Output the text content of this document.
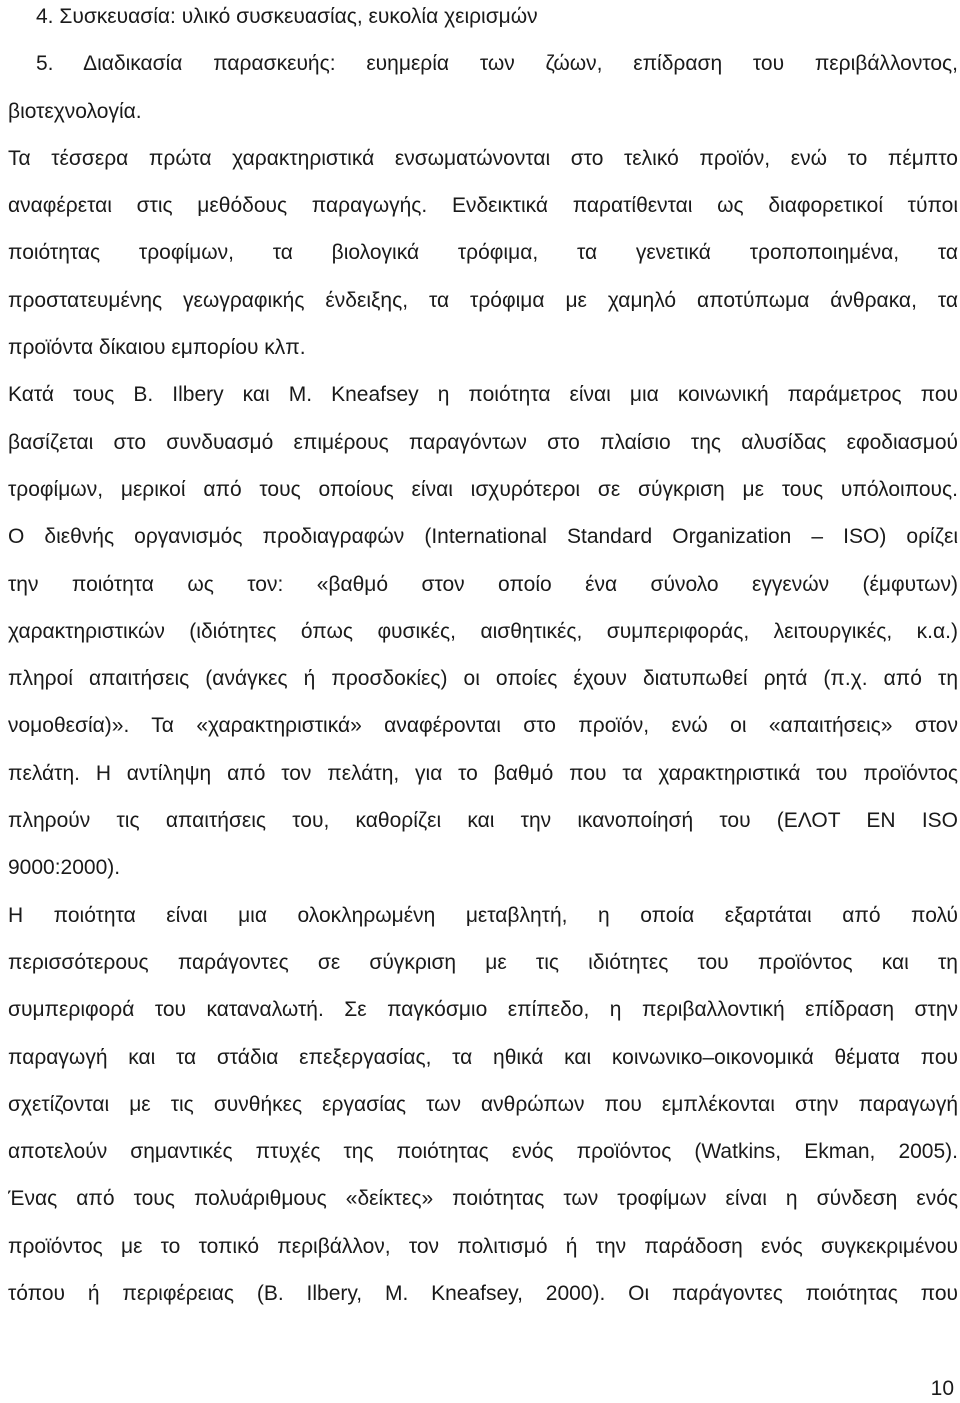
4. Συσκευασία: υλικό συσκευασίας, ευκολία χειρισμών
5. Διαδικασία παρασκευής: ευημερία των ζώων, επίδραση του περιβάλλοντος,
βιοτεχνολογία.
Τα τέσσερα πρώτα χαρακτηριστικά ενσωματώνονται στο τελικό προϊόν, ενώ το πέμπτο
αναφέρεται στις μεθόδους παραγωγής. Ενδεικτικά παρατίθενται ως διαφορετικοί τύποι
ποιότητας τροφίμων, τα βιολογικά τρόφιμα, τα γενετικά τροποποιημένα, τα
προστατευμένης γεωγραφικής ένδειξης, τα τρόφιμα με χαμηλό αποτύπωμα άνθρακα, τα
προϊόντα δίκαιου εμπορίου κλπ.
Κατά τους B. Ilbery και M. Kneafsey η ποιότητα είναι μια κοινωνική παράμετρος που
βασίζεται στο συνδυασμό επιμέρους παραγόντων στο πλαίσιο της αλυσίδας εφοδιασμού
τροφίμων, μερικοί από τους οποίους είναι ισχυρότεροι σε σύγκριση με τους υπόλοιπους.
Ο διεθνής οργανισμός προδιαγραφών (International Standard Organization – ISO) ορίζει
την ποιότητα ως τον: «βαθμό στον οποίο ένα σύνολο εγγενών (έμφυτων)
χαρακτηριστικών (ιδιότητες όπως φυσικές, αισθητικές, συμπεριφοράς, λειτουργικές, κ.α.)
πληροί απαιτήσεις (ανάγκες ή προσδοκίες) οι οποίες έχουν διατυπωθεί ρητά (π.χ. από τη
νομοθεσία)». Τα «χαρακτηριστικά» αναφέρονται στο προϊόν, ενώ οι «απαιτήσεις» στον
πελάτη. Η αντίληψη από τον πελάτη, για το βαθμό που τα χαρακτηριστικά του προϊόντος
πληρούν τις απαιτήσεις του, καθορίζει και την ικανοποίησή του (ΕΛΟΤ EN ISO
9000:2000).
Η ποιότητα είναι μια ολοκληρωμένη μεταβλητή, η οποία εξαρτάται από πολύ
περισσότερους παράγοντες σε σύγκριση με τις ιδιότητες του προϊόντος και τη
συμπεριφορά του καταναλωτή. Σε παγκόσμιο επίπεδο, η περιβαλλοντική επίδραση στην
παραγωγή και τα στάδια επεξεργασίας, τα ηθικά και κοινωνικο–οικονομικά θέματα που
σχετίζονται με τις συνθήκες εργασίας των ανθρώπων που εμπλέκονται στην παραγωγή
αποτελούν σημαντικές πτυχές της ποιότητας ενός προϊόντος (Watkins, Ekman, 2005).
Ένας από τους πολυάριθμους «δείκτες» ποιότητας των τροφίμων είναι η σύνδεση ενός
προϊόντος με το τοπικό περιβάλλον, τον πολιτισμό ή την παράδοση ενός συγκεκριμένου
τόπου ή περιφέρειας (B. Ilbery, M. Kneafsey, 2000). Οι παράγοντες ποιότητας που
10
